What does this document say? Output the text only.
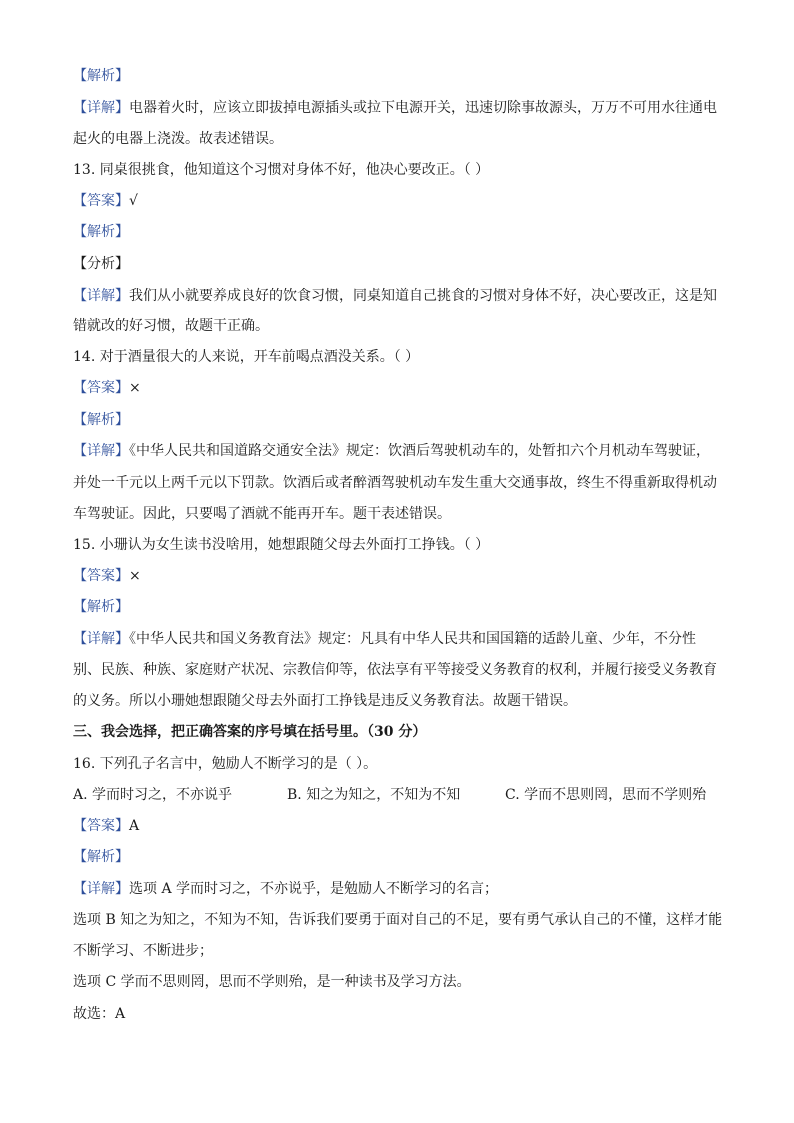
【解析】
【详解】电器着火时，应该立即拔掉电源插头或拉下电源开关，迅速切除事故源头，万万不可用水往通电
起火的电器上浇泼。故表述错误。
13. 同桌很挑食，他知道这个习惯对身体不好，他决心要改正。（ ）
【答案】√
【解析】
【分析】
【详解】我们从小就要养成良好的饮食习惯，同桌知道自己挑食的习惯对身体不好，决心要改正，这是知
错就改的好习惯，故题干正确。
14. 对于酒量很大的人来说，开车前喝点酒没关系。（ ）
【答案】×
【解析】
【详解】《中华人民共和国道路交通安全法》规定：饮酒后驾驶机动车的，处暂扣六个月机动车驾驶证，
并处一千元以上两千元以下罚款。饮酒后或者醉酒驾驶机动车发生重大交通事故，终生不得重新取得机动
车驾驶证。因此，只要喝了酒就不能再开车。题干表述错误。
15. 小珊认为女生读书没啥用，她想跟随父母去外面打工挣钱。（ ）
【答案】×
【解析】
【详解】《中华人民共和国义务教育法》规定：凡具有中华人民共和国国籍的适龄儿童、少年，不分性
别、民族、种族、家庭财产状况、宗教信仰等，依法享有平等接受义务教育的权利，并履行接受义务教育
的义务。所以小珊她想跟随父母去外面打工挣钱是违反义务教育法。故题干错误。
三、我会选择，把正确答案的序号填在括号里。（30 分）
16. 下列孔子名言中，勉励人不断学习的是（ ）。
A. 学而时习之，不亦说乎	B. 知之为知之，不知为不知	C. 学而不思则罔，思而不学则殆
【答案】A
【解析】
【详解】选项 A 学而时习之，不亦说乎，是勉励人不断学习的名言；
选项 B 知之为知之，不知为不知，告诉我们要勇于面对自己的不足，要有勇气承认自己的不懂，这样才能
不断学习、不断进步；
选项 C 学而不思则罔，思而不学则殆，是一种读书及学习方法。
故选：A
